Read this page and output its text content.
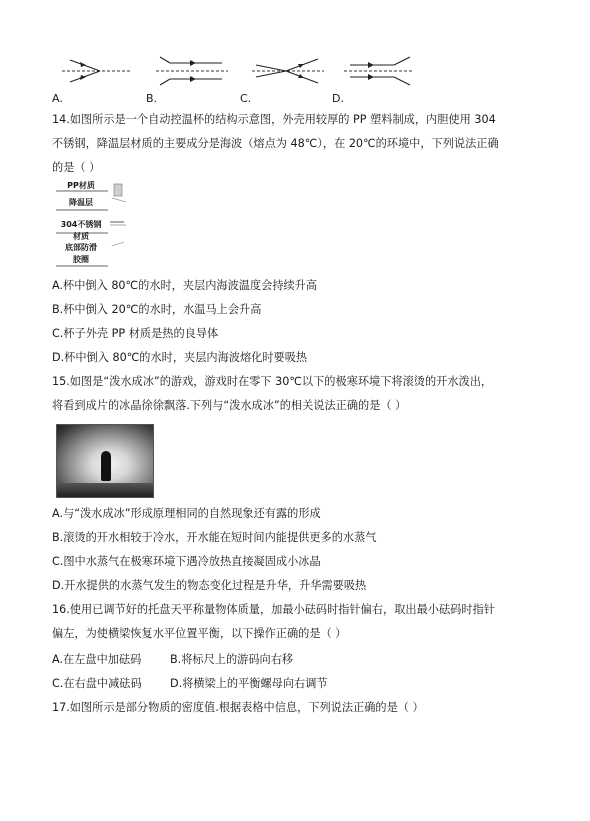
A.	B.	C.	D.
14.如图所示是一个自动控温杯的结构示意图，外壳用较厚的 PP 塑料制成，内胆使用 304
不锈钢，降温层材质的主要成分是海波（熔点为 48℃），在 20℃的环境中，下列说法正确
的是（ ）
PP材质
降温层
304不锈钢
材质
底部防滑
胶圈
A.杯中倒入 80℃的水时，夹层内海波温度会持续升高
B.杯中倒入 20℃的水时，水温马上会升高
C.杯子外壳 PP 材质是热的良导体
D.杯中倒入 80℃的水时，夹层内海波熔化时要吸热
15.如图是“泼水成冰”的游戏，游戏时在零下 30℃以下的极寒环境下将滚烫的开水泼出，
将看到成片的冰晶徐徐飘落.下列与“泼水成冰”的相关说法正确的是（ ）
A.与“泼水成冰”形成原理相同的自然现象还有露的形成
B.滚烫的开水相较于冷水，开水能在短时间内能提供更多的水蒸气
C.图中水蒸气在极寒环境下遇冷放热直接凝固成小冰晶
D.开水提供的水蒸气发生的物态变化过程是升华，升华需要吸热
16.使用已调节好的托盘天平称量物体质量，加最小砝码时指针偏右，取出最小砝码时指针
偏左，为使横梁恢复水平位置平衡，以下操作正确的是（ ）
A.在左盘中加砝码	B.将标尺上的游码向右移
C.在右盘中减砝码	D.将横梁上的平衡螺母向右调节
17.如图所示是部分物质的密度值.根据表格中信息，下列说法正确的是（ ）
